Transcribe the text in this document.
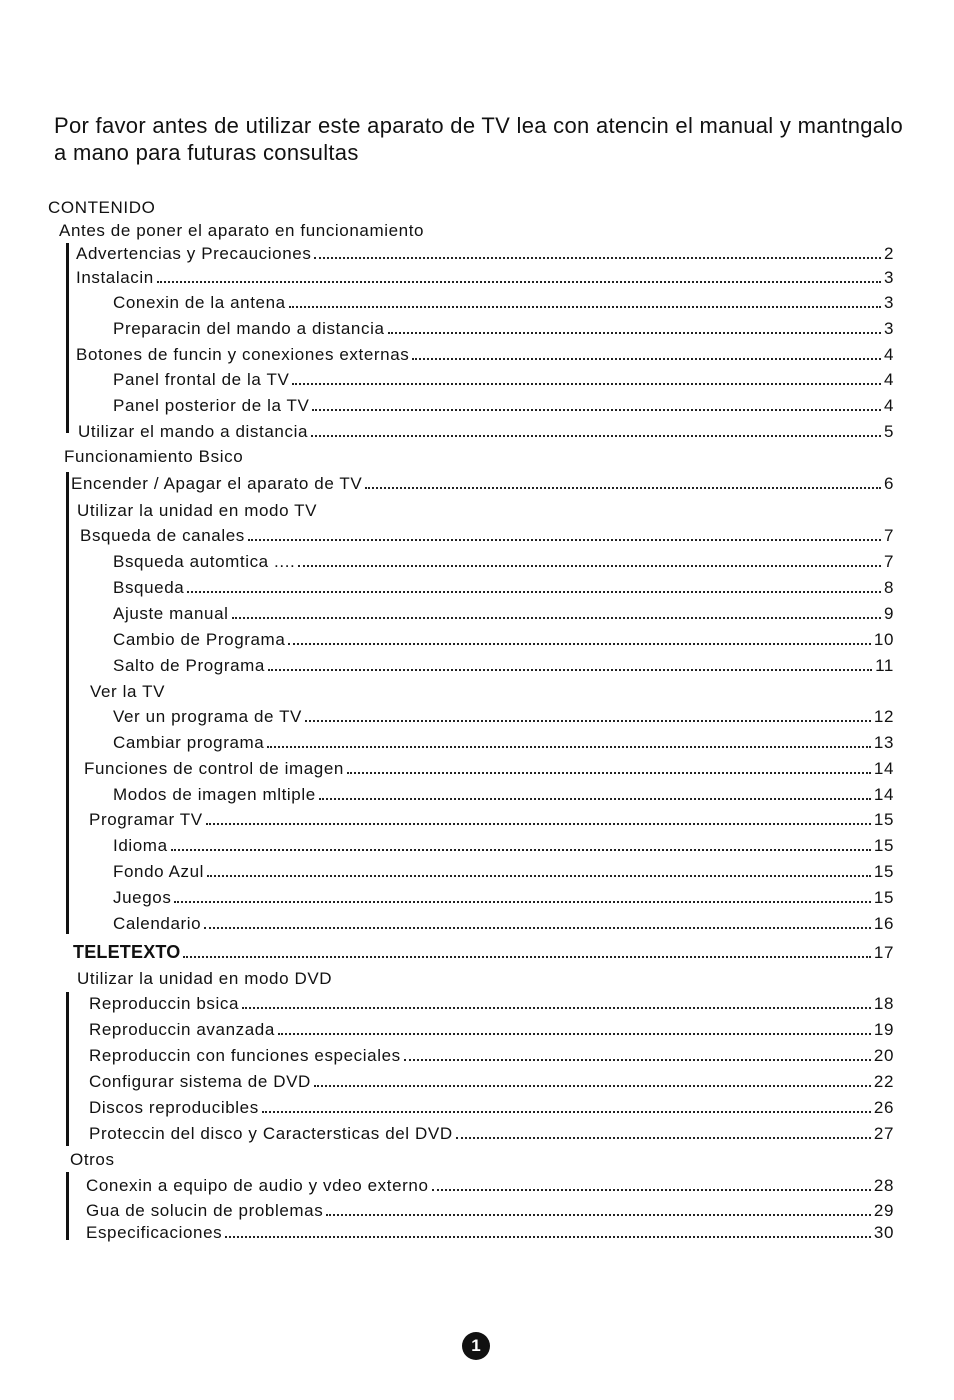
Por favor antes de utilizar este aparato de TV lea con atencin el manual y mantngalo a mano para futuras consultas

CONTENIDO
Antes de poner el aparato en funcionamiento
Advertencias y Precauciones	2
Instalacin	3
Conexin de la antena	3
Preparacin del mando a distancia	3
Botones de funcin y conexiones externas	4
Panel frontal de la TV	4
Panel posterior de la TV	4
Utilizar el mando a distancia	5
Funcionamiento Bsico
Encender / Apagar el aparato de TV	6
Utilizar la unidad en modo TV
Bsqueda de canales	7
Bsqueda automtica ....	7
Bsqueda	8
Ajuste manual	9
Cambio de Programa	10
Salto de Programa	11
Ver la TV
Ver un programa de TV	12
Cambiar programa	13
Funciones de control de imagen	14
Modos de imagen mltiple	14
Programar TV	15
Idioma	15
Fondo Azul	15
Juegos	15
Calendario	16
TELETEXTO	17
Utilizar la unidad en modo DVD
Reproduccin bsica	18
Reproduccin avanzada	19
Reproduccin con funciones especiales	20
Configurar sistema de DVD	22
Discos reproducibles	26
Proteccin del disco y Caractersticas del DVD	27
Otros
Conexin a equipo de audio y vdeo externo	28
Gua de solucin de problemas	29
Especificaciones	30
1
